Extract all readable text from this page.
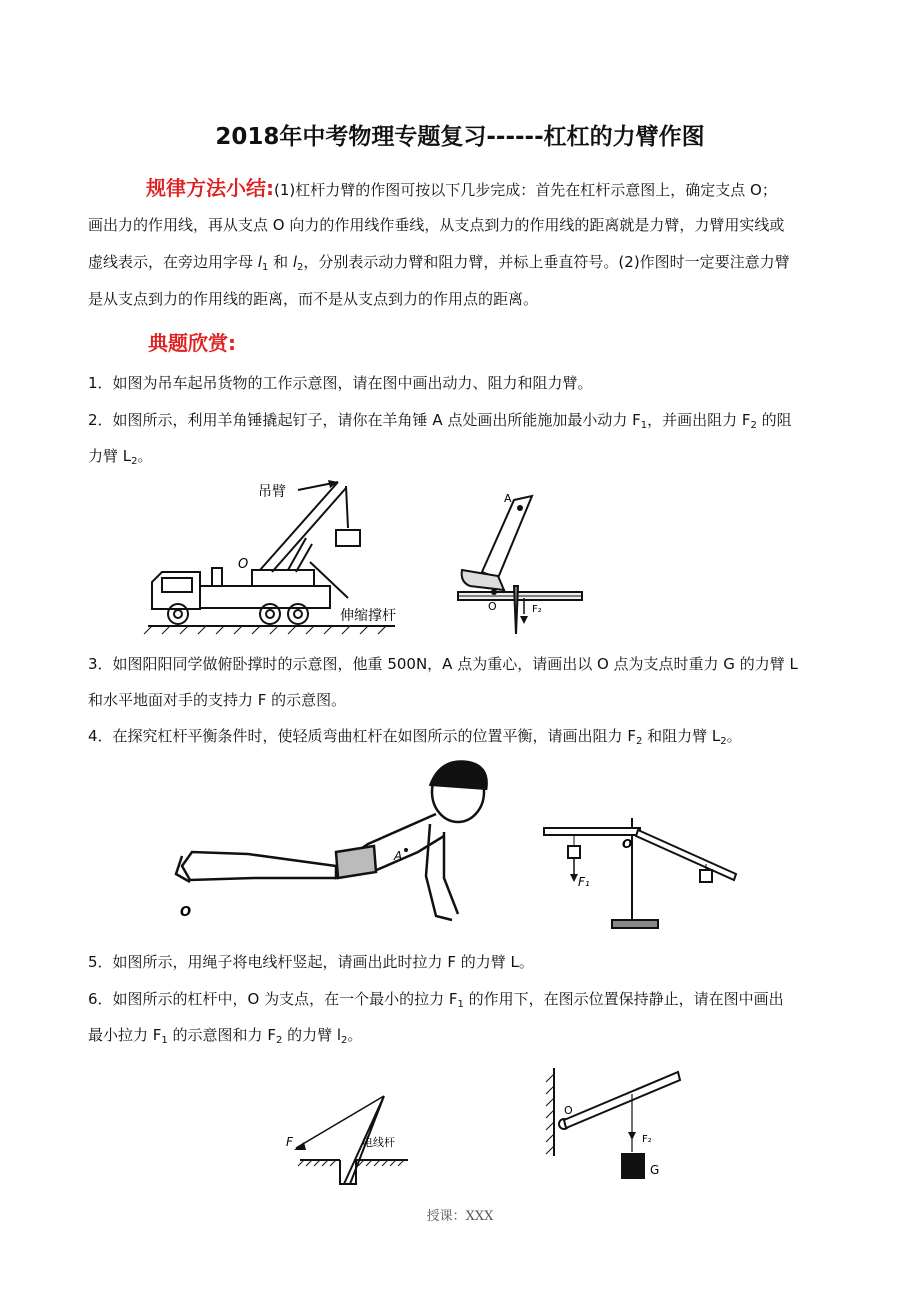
2018年中考物理专题复习------杠杠的力臂作图
规律方法小结:(1)杠杆力臂的作图可按以下几步完成：首先在杠杆示意图上，确定支点 O；
画出力的作用线，再从支点 O 向力的作用线作垂线，从支点到力的作用线的距离就是力臂，力臂用实线或
虚线表示，在旁边用字母 $l_1$ 和 $l_2$，分别表示动力臂和阻力臂，并标上垂直符号。(2)作图时一定要注意力臂
是从支点到力的作用线的距离，而不是从支点到力的作用点的距离。
典题欣赏:
1．如图为吊车起吊货物的工作示意图，请在图中画出动力、阻力和阻力臂。
2．如图所示，利用羊角锤撬起钉子，请你在羊角锤 A 点处画出所能施加最小动力 $F_1$，并画出阻力 $F_2$ 的阻
力臂 $L_2$。
吊臂
O
伸缩撑杆
A
O	F₂
3．如图阳阳同学做俯卧撑时的示意图，他重 500N，A 点为重心，请画出以 O 点为支点时重力 G 的力臂 L
和水平地面对手的支持力 F 的示意图。
4．在探究杠杆平衡条件时，使轻质弯曲杠杆在如图所示的位置平衡，请画出阻力 $F_2$ 和阻力臂 $L_2$。
A
O
O
F₁
5．如图所示，用绳子将电线杆竖起，请画出此时拉力 F 的力臂 L。
6．如图所示的杠杆中，O 为支点，在一个最小的拉力 $F_1$ 的作用下，在图示位置保持静止，请在图中画出
最小拉力 $F_1$ 的示意图和力 $F_2$ 的力臂 $l_2$。
F	电线杆
O
F₂
G
授课：XXX
